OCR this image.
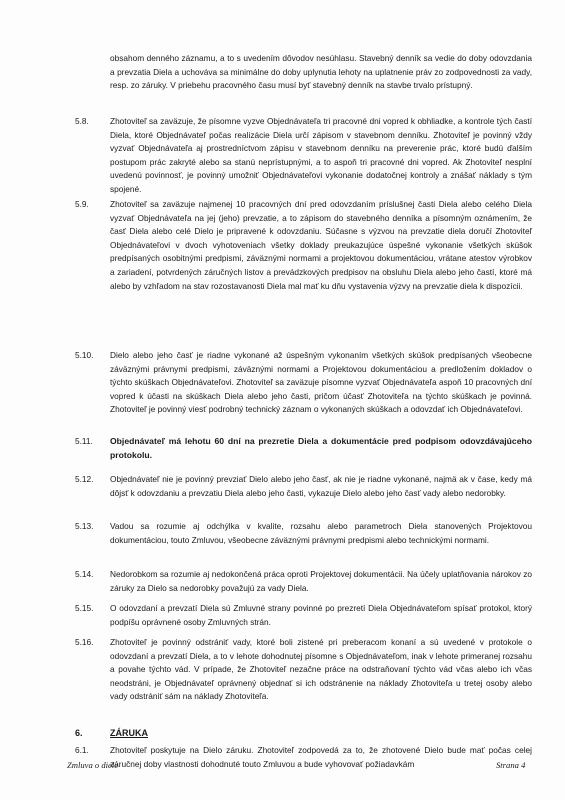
obsahom denného záznamu, a to s uvedením dôvodov nesúhlasu. Stavebný denník sa vedie do doby odovzdania a prevzatia Diela a uchováva sa minimálne do doby uplynutia lehoty na uplatnenie práv zo zodpovednosti za vady, resp. zo záruky. V priebehu pracovného času musí byť stavebný denník na stavbe trvalo prístupný.

5.8.	Zhotoviteľ sa zaväzuje, že písomne vyzve Objednávateľa tri pracovné dni vopred k obhliadke, a kontrole tých častí Diela, ktoré Objednávateľ počas realizácie Diela určí zápisom v stavebnom denníku. Zhotoviteľ je povinný vždy vyzvať Objednávateľa aj prostredníctvom zápisu v stavebnom denníku na preverenie prác, ktoré budú ďalším postupom prác zakryté alebo sa stanú neprístupnými, a to aspoň tri pracovné dni vopred. Ak Zhotoviteľ nesplní uvedenú povinnosť, je povinný umožniť Objednávateľovi vykonanie dodatočnej kontroly a znášať náklady s tým spojené.

5.9.	Zhotoviteľ sa zaväzuje najmenej 10 pracovných dní pred odovzdaním príslušnej časti Diela alebo celého Diela vyzvať Objednávateľa na jej (jeho) prevzatie, a to zápisom do stavebného denníka a písomným oznámením, že časť Diela alebo celé Dielo je pripravené k odovzdaniu. Súčasne s výzvou na prevzatie diela doručí Zhotoviteľ Objednávateľovi v dvoch vyhotoveniach všetky doklady preukazujúce úspešné vykonanie všetkých skúšok predpísaných osobitnými predpismi, záväznými normami a projektovou dokumentáciou, vrátane atestov výrobkov a zariadení, potvrdených záručných listov a prevádzkových predpisov na obsluhu Diela alebo jeho častí, ktoré má alebo by vzhľadom na stav rozostavanosti Diela mal mať ku dňu vystavenia výzvy na prevzatie diela k dispozícii.

5.10. Dielo alebo jeho časť je riadne vykonané až úspešným vykonaním všetkých skúšok predpísaných všeobecne záväznými právnymi predpismi, záväznými normami a Projektovou dokumentáciou a predložením dokladov o týchto skúškach Objednávateľovi. Zhotoviteľ sa zaväzuje písomne vyzvať Objednávateľa aspoň 10 pracovných dní vopred k účasti na skúškach Diela alebo jeho časti, pričom účasť Zhotoviteľa na týchto skúškach je povinná. Zhotoviteľ je povinný viesť podrobný technický záznam o vykonaných skúškach a odovzdať ich Objednávateľovi.

5.11. Objednávateľ má lehotu 60 dní na prezretie Diela a dokumentácie pred podpisom odovzdávajúceho protokolu.

5.12. Objednávateľ nie je povinný prevziať Dielo alebo jeho časť, ak nie je riadne vykonané, najmä ak v čase, kedy má dôjsť k odovzdaniu a prevzatiu Diela alebo jeho časti, vykazuje Dielo alebo jeho časť vady alebo nedorobky.

5.13. Vadou sa rozumie aj odchýlka v kvalite, rozsahu alebo parametroch Diela stanovených Projektovou dokumentáciou, touto Zmluvou, všeobecne záväznými právnymi predpismi alebo technickými normami.

5.14. Nedorobkom sa rozumie aj nedokončená práca oproti Projektovej dokumentácii. Na účely uplatňovania nárokov zo záruky za Dielo sa nedorobky považujú za vady Diela.

5.15. O odovzdaní a prevzatí Diela sú Zmluvné strany povinné po prezretí Diela Objednávateľom spísať protokol, ktorý podpíšu oprávnené osoby Zmluvných strán.

5.16. Zhotoviteľ je povinný odstrániť vady, ktoré boli zistené pri preberacom konaní a sú uvedené v protokole o odovzdaní a prevzatí Diela, a to v lehote dohodnutej písomne s Objednávateľom, inak v lehote primeranej rozsahu a povahe týchto vád. V prípade, že Zhotoviteľ nezačne práce na odstraňovaní týchto vád včas alebo ich včas neodstráni, je Objednávateľ oprávnený objednať si ich odstránenie na náklady Zhotoviteľa u tretej osoby alebo vady odstrániť sám na náklady Zhotoviteľa.

6.	ZÁRUKA
6.1.	Zhotoviteľ poskytuje na Dielo záruku. Zhotoviteľ zodpovedá za to, že zhotovené Dielo bude mať počas celej záručnej doby vlastnosti dohodnuté touto Zmluvou a bude vyhovovať požiadavkám

Zmluva o diele	Strana 4
